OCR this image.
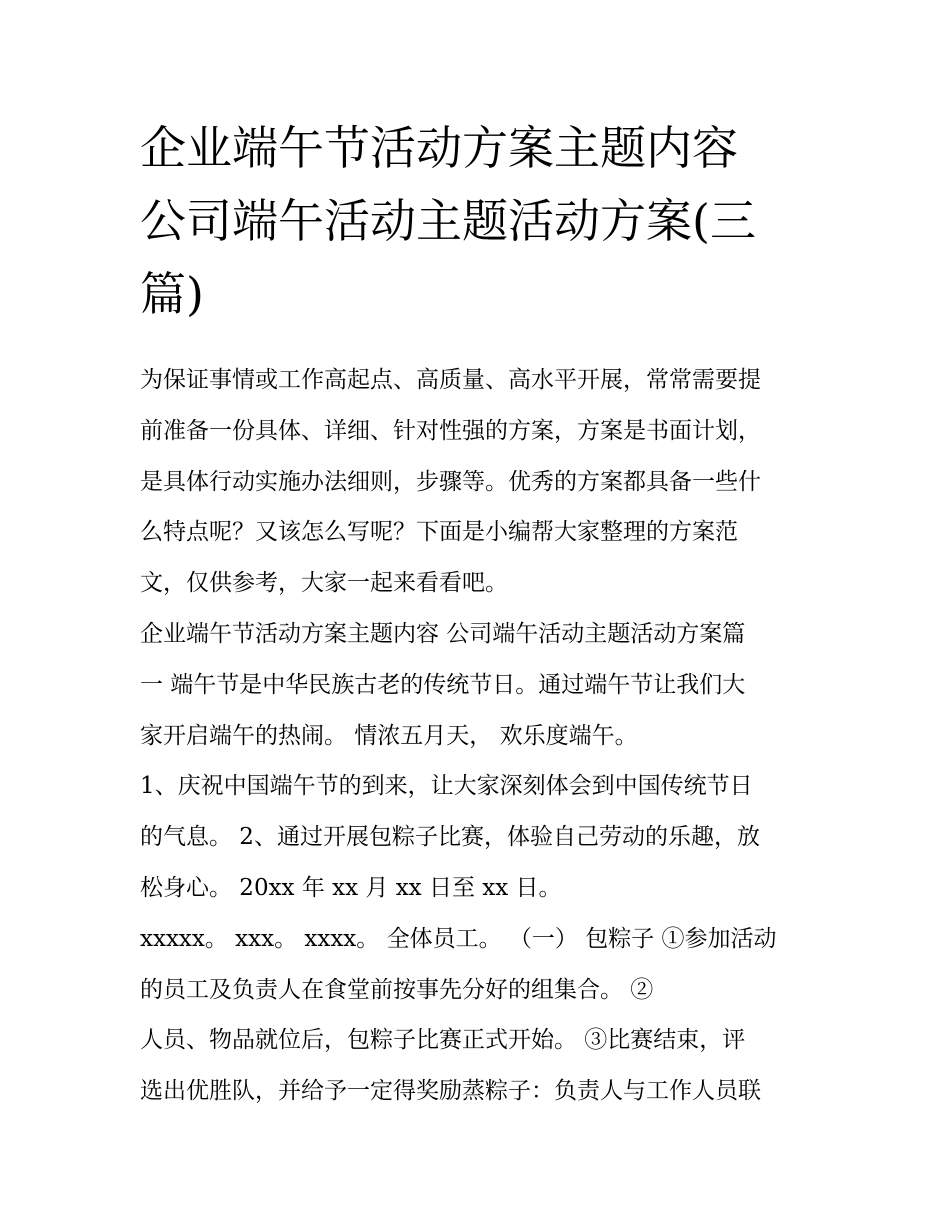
企业端午节活动方案主题内容
公司端午活动主题活动方案(三
篇)
为保证事情或工作高起点、高质量、高水平开展，常常需要提
前准备一份具体、详细、针对性强的方案，方案是书面计划，
是具体行动实施办法细则，步骤等。优秀的方案都具备一些什
么特点呢？又该怎么写呢？下面是小编帮大家整理的方案范
文，仅供参考，大家一起来看看吧。
企业端午节活动方案主题内容 公司端午活动主题活动方案篇
一 端午节是中华民族古老的传统节日。通过端午节让我们大
家开启端午的热闹。 情浓五月天， 欢乐度端午。
1、庆祝中国端午节的到来，让大家深刻体会到中国传统节日
的气息。 2、通过开展包粽子比赛，体验自己劳动的乐趣，放
松身心。 20xx 年 xx 月 xx 日至 xx 日。
xxxxx。 xxx。 xxxx。 全体员工。 （一） 包粽子 ①参加活动
的员工及负责人在食堂前按事先分好的组集合。 ②
人员、物品就位后，包粽子比赛正式开始。 ③比赛结束，评
选出优胜队，并给予一定得奖励蒸粽子：负责人与工作人员联
